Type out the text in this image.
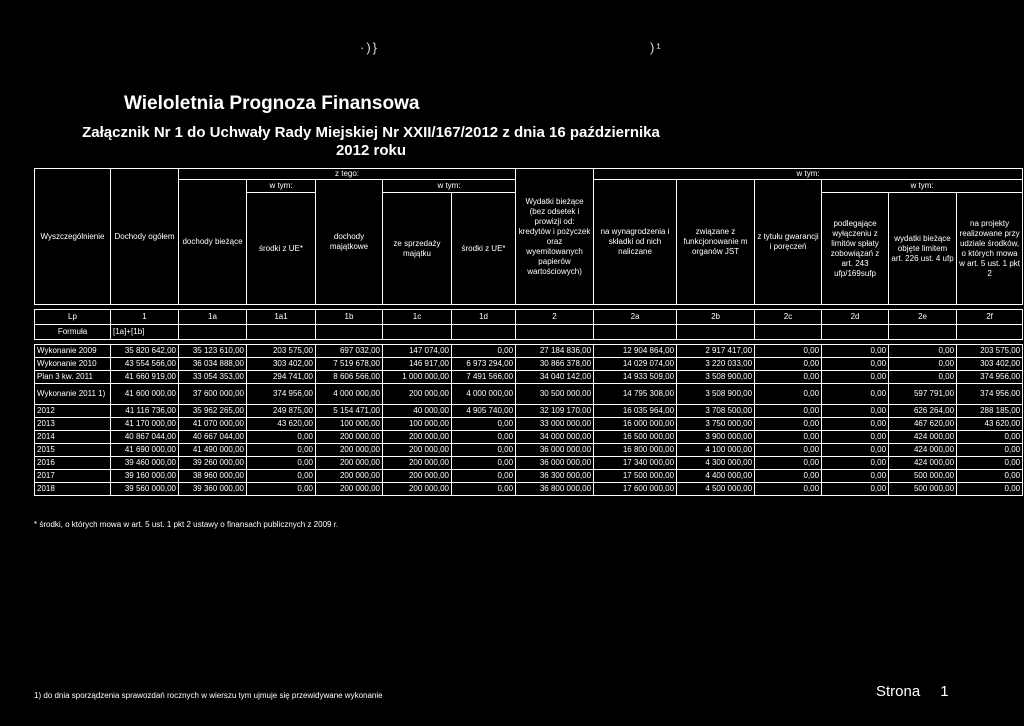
·)}	)¹
Wieloletnia Prognoza Finansowa
Załącznik Nr 1 do Uchwały Rady Miejskiej Nr XXII/167/2012 z dnia 16 października 2012 roku
Wyszczególnienie	Dochody ogółem	z tego:					Wydatki bieżące (bez odsetek i prowizji od: kredytów i pożyczek oraz wyemitowanych papierów wartościowych)	w tym:					
		dochody bieżące	w tym:	dochody majątkowe	w tym:			na wynagrodzenia i składki od nich naliczane	związane z funkcjonowanie m organów JST	z tytułu gwarancji i poręczeń	w tym:		
			środki z UE*		ze sprzedaży majątku	środki z UE*					podlegające wyłączeniu z limitów spłaty zobowiązań z art. 243 ufp/169sufp	wydatki bieżące objęte limitem art. 226 ust. 4 ufp	na projekty realizowane przy udziale środków, o których mowa w art. 5 ust. 1 pkt 2

Lp	1	1a	1a1	1b	1c	1d	2	2a	2b	2c	2d	2e	2f
Formuła	[1a]+[1b]												

Wykonanie 2009	35 820 642,00	35 123 610,00	203 575,00	697 032,00	147 074,00	0,00	27 184 836,00	12 904 864,00	2 917 417,00	0,00	0,00	0,00	203 575,00
Wykonanie 2010	43 554 566,00	36 034 888,00	303 402,00	7 519 678,00	146 917,00	6 973 294,00	30 866 378,00	14 029 074,00	3 220 033,00	0,00	0,00	0,00	303 402,00
Plan 3 kw. 2011	41 660 919,00	33 054 353,00	294 741,00	8 606 566,00	1 000 000,00	7 491 566,00	34 040 142,00	14 933 509,00	3 508 900,00	0,00	0,00	0,00	374 956,00
Wykonanie 2011 1)	41 600 000,00	37 600 000,00	374 956,00	4 000 000,00	200 000,00	4 000 000,00	30 500 000,00	14 795 308,00	3 508 900,00	0,00	0,00	597 791,00	374 956,00
2012	41 116 736,00	35 962 265,00	249 875,00	5 154 471,00	40 000,00	4 905 740,00	32 109 170,00	16 035 964,00	3 708 500,00	0,00	0,00	626 264,00	288 185,00
2013	41 170 000,00	41 070 000,00	43 620,00	100 000,00	100 000,00	0,00	33 000 000,00	16 000 000,00	3 750 000,00	0,00	0,00	467 620,00	43 620,00
2014	40 867 044,00	40 667 044,00	0,00	200 000,00	200 000,00	0,00	34 000 000,00	16 500 000,00	3 900 000,00	0,00	0,00	424 000,00	0,00
2015	41 690 000,00	41 490 000,00	0,00	200 000,00	200 000,00	0,00	36 000 000,00	16 800 000,00	4 100 000,00	0,00	0,00	424 000,00	0,00
2016	39 460 000,00	39 260 000,00	0,00	200 000,00	200 000,00	0,00	36 000 000,00	17 340 000,00	4 300 000,00	0,00	0,00	424 000,00	0,00
2017	39 160 000,00	38 960 000,00	0,00	200 000,00	200 000,00	0,00	36 300 000,00	17 500 000,00	4 400 000,00	0,00	0,00	500 000,00	0,00
2018	39 560 000,00	39 360 000,00	0,00	200 000,00	200 000,00	0,00	36 800 000,00	17 600 000,00	4 500 000,00	0,00	0,00	500 000,00	0,00
* środki, o których mowa w art. 5 ust. 1 pkt 2 ustawy o finansach publicznych z 2009 r.
1) do dnia sporządzenia sprawozdań rocznych w wierszu tym ujmuje się przewidywane wykonanie	Strona 1
